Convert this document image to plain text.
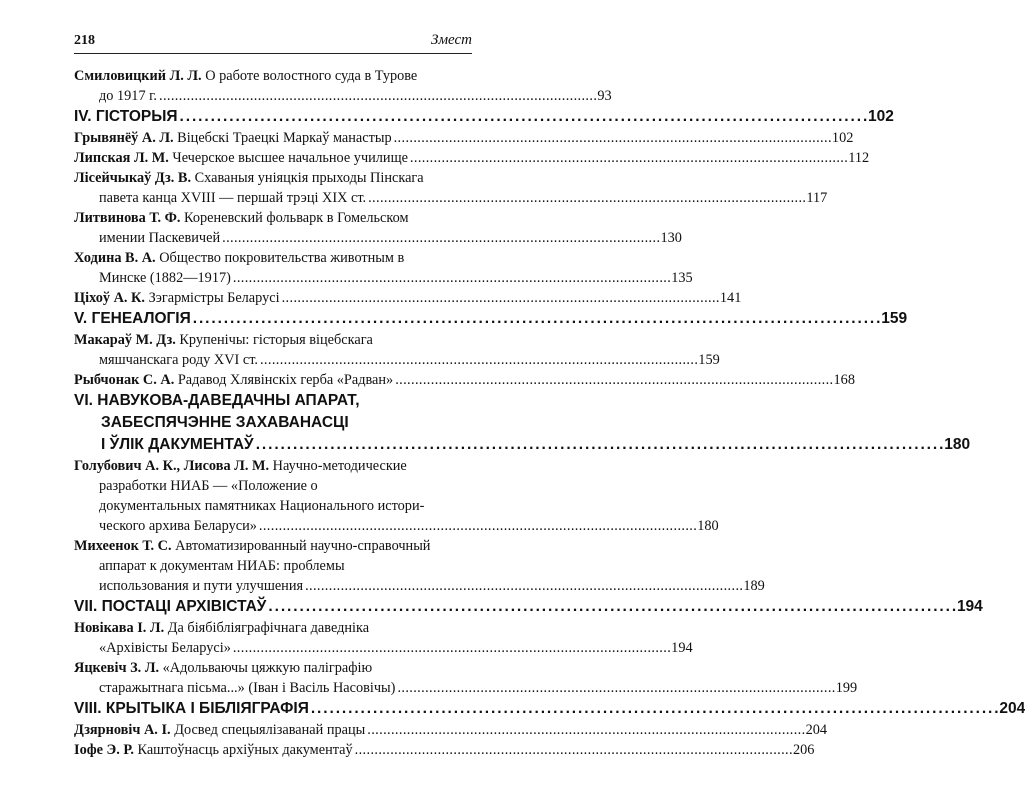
218	Змест
Смиловицкий Л. Л. О работе волостного суда в Турове
до 1917 г. . . .	93
IV. ГІСТОРЫЯ . . .	102
Грывянёў А. Л. Віцебскі Траецкі Маркаў манастыр . . .	102
Липская Л. М. Чечерское высшее начальное училище . . .	112
Лісейчыкаў Дз. В. Схаваныя уніяцкія прыходы Пінскага
павета канца XVIII — першай трэці XIX ст. . . .	117
Литвинова Т. Ф. Кореневский фольварк в Гомельском
имении Паскевичей . . .	130
Ходина В. А. Общество покровительства животным в
Минске (1882—1917) . . .	135
Ціхоў А. К. Зэгармістры Беларусі . . .	141
V. ГЕНЕАЛОГІЯ . . .	159
Макараў М. Дз. Крупенічы: гісторыя віцебскага
мяшчанскага роду XVI ст. . . .	159
Рыбчонак С. А. Радавод Хлявінскіх герба «Радван» . . .	168
VI. НАВУКОВА-ДАВЕДАЧНЫ АПАРАТ,
ЗАБЕСПЯЧЭННЕ ЗАХАВАНАСЦІ
І ЎЛІК ДАКУМЕНТАЎ . . .	180
Голубович А. К., Лисова Л. М. Научно-методические
разработки НИАБ — «Положение о
документальных памятниках Национального истори-
ческого архива Беларуси» . . .	180
Михеенок Т. С. Автоматизированный научно-справочный
аппарат к документам НИАБ: проблемы
использования и пути улучшения . . .	189
VII. ПОСТАЦІ АРХІВІСТАЎ . . .	194
Новікава І. Л. Да біябібліяграфічнага даведніка
«Архівісты Беларусі» . . .	194
Яцкевіч З. Л. «Адольваючы цяжкую палігpафію
старажытнага пісьма...» (Іван і Васіль Насовічы) . . .	199
VIII. КРЫТЫКА І БІБЛІЯГРАФІЯ . . .	204
Дзярновіч А. І. Досвед спецыялізаванай працы . . .	204
Іофе Э. Р. Каштоўнасць архіўных дакументаў . . .	206
